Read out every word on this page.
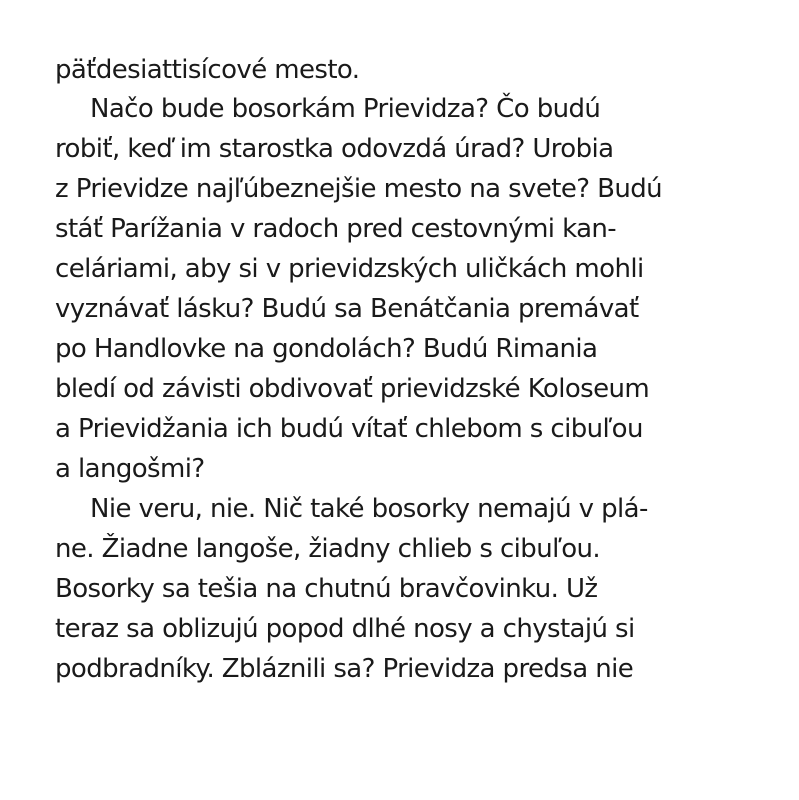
päťdesiattisícové mesto.
Načo bude bosorkám Prievidza? Čo budú
robiť, keď im starostka odovzdá úrad? Urobia
z Prievidze najľúbeznejšie mesto na svete? Budú
stáť Parížania v radoch pred cestovnými kan-
celáriami, aby si v prievidzských uličkách mohli
vyznávať lásku? Budú sa Benátčania premávať
po Handlovke na gondolách? Budú Rimania
bledí od závisti obdivovať prievidzské Koloseum
a Prievidžania ich budú vítať chlebom s cibuľou
a langošmi?
Nie veru, nie. Nič také bosorky nemajú v plá-
ne. Žiadne langoše, žiadny chlieb s cibuľou.
Bosorky sa tešia na chutnú bravčovinku. Už
teraz sa oblizujú popod dlhé nosy a chystajú si
podbradníky. Zbláznili sa? Prievidza predsa nie
